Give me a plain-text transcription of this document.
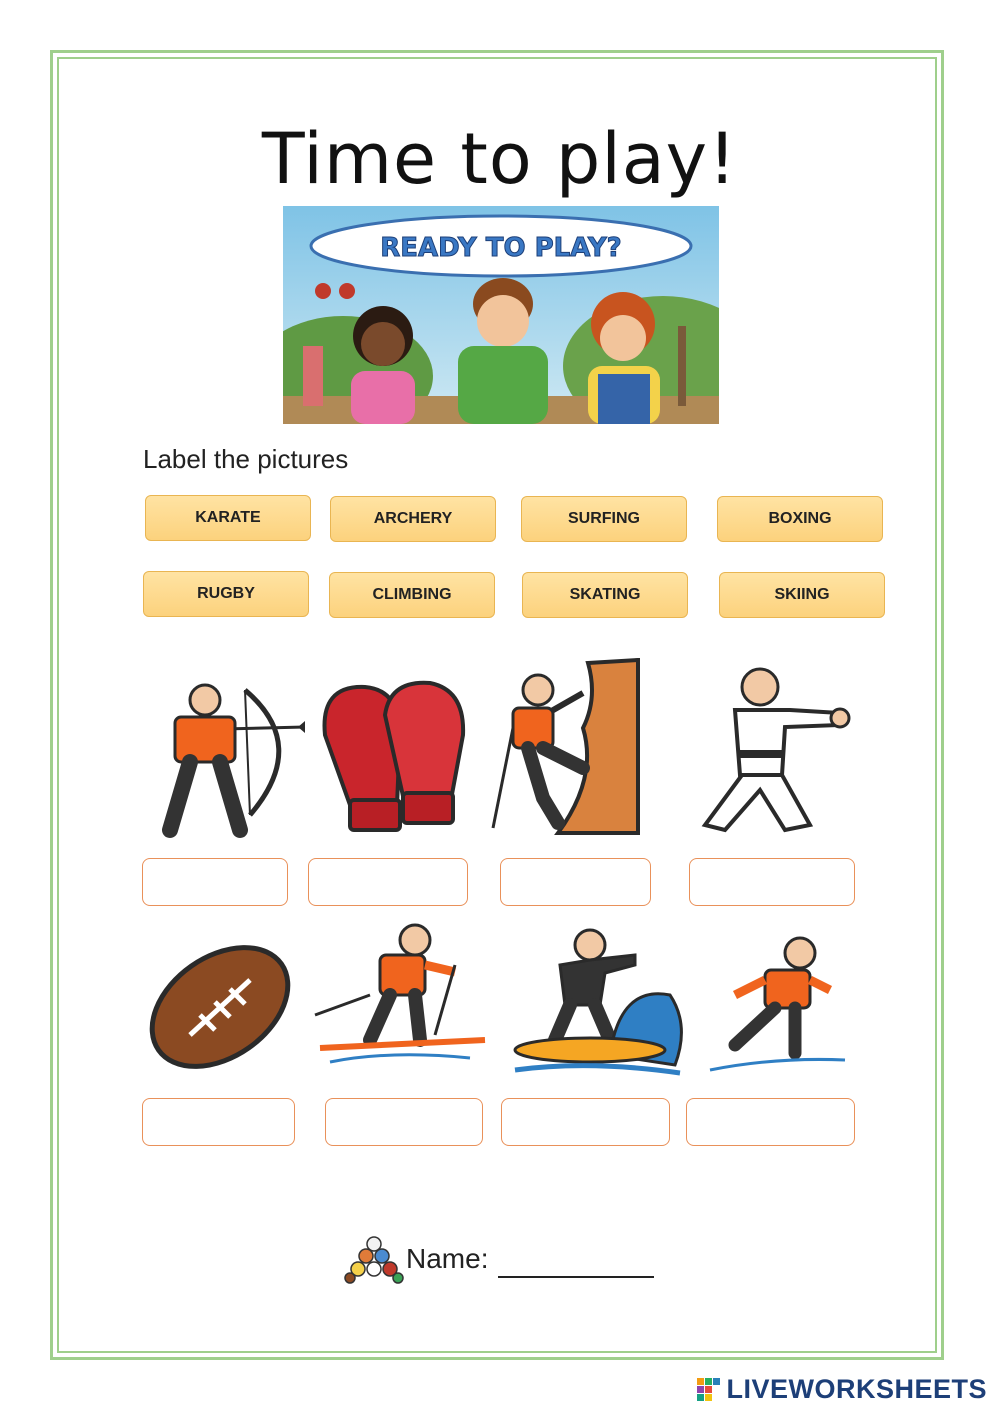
Time to play!
READY TO PLAY?
Label the pictures
KARATE	ARCHERY	SURFING	BOXING
RUGBY	CLIMBING	SKATING	SKIING
Name:
LIVEWORKSHEETS
